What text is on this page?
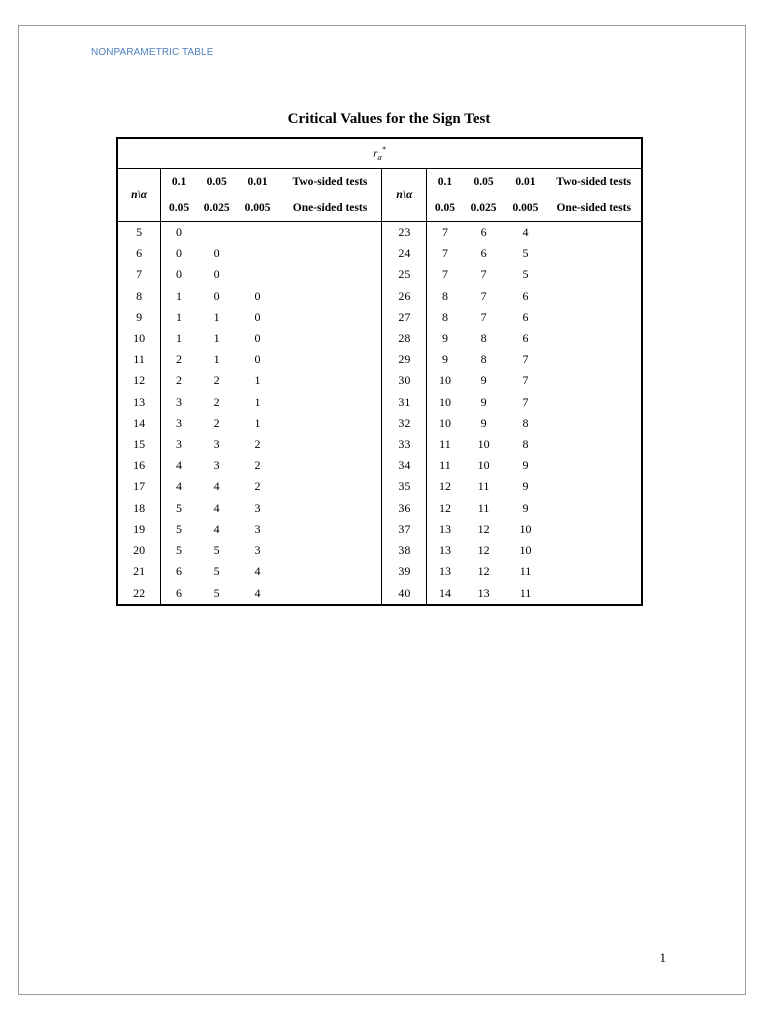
NONPARAMETRIC TABLE
Critical Values for the Sign Test
$r_\alpha^*$
n\α	0.1	0.05	0.01	Two-sided tests	n\α	0.1	0.05	0.01	Two-sided tests
	0.05	0.025	0.005	One-sided tests		0.05	0.025	0.005	One-sided tests
5	0				23	7	6	4	
6	0	0			24	7	6	5	
7	0	0			25	7	7	5	
8	1	0	0		26	8	7	6	
9	1	1	0		27	8	7	6	
10	1	1	0		28	9	8	6	
11	2	1	0		29	9	8	7	
12	2	2	1		30	10	9	7	
13	3	2	1		31	10	9	7	
14	3	2	1		32	10	9	8	
15	3	3	2		33	11	10	8	
16	4	3	2		34	11	10	9	
17	4	4	2		35	12	11	9	
18	5	4	3		36	12	11	9	
19	5	4	3		37	13	12	10	
20	5	5	3		38	13	12	10	
21	6	5	4		39	13	12	11	
22	6	5	4		40	14	13	11	
1
